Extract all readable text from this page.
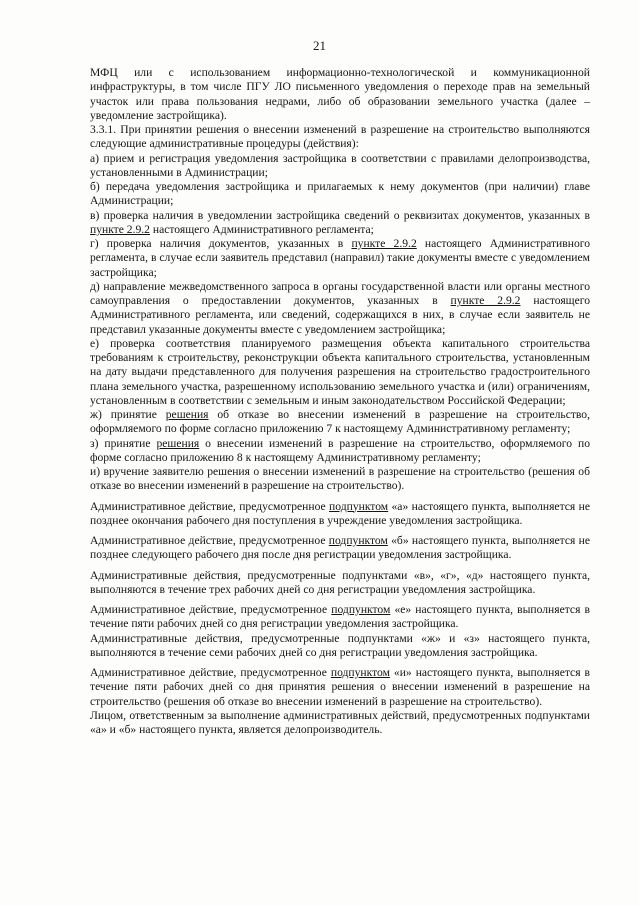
21

МФЦ или с использованием информационно-технологической и коммуникационной инфраструктуры, в том числе ПГУ ЛО письменного уведомления о переходе прав на земельный участок или права пользования недрами, либо об образовании земельного участка (далее – уведомление застройщика).

3.3.1. При принятии решения о внесении изменений в разрешение на строительство выполняются следующие административные процедуры (действия):

а) прием и регистрация уведомления застройщика в соответствии с правилами делопроизводства, установленными в Администрации;

б) передача уведомления застройщика и прилагаемых к нему документов (при наличии) главе Администрации;

в) проверка наличия в уведомлении застройщика сведений о реквизитах документов, указанных в пункте 2.9.2 настоящего Административного регламента;

г) проверка наличия документов, указанных в пункте 2.9.2 настоящего Административного регламента, в случае если заявитель представил (направил) такие документы вместе с уведомлением застройщика;

д) направление межведомственного запроса в органы государственной власти или органы местного самоуправления о предоставлении документов, указанных в пункте 2.9.2 настоящего Административного регламента, или сведений, содержащихся в них, в случае если заявитель не представил указанные документы вместе с уведомлением застройщика;

е) проверка соответствия планируемого размещения объекта капитального строительства требованиям к строительству, реконструкции объекта капитального строительства, установленным на дату выдачи представленного для получения разрешения на строительство градостроительного плана земельного участка, разрешенному использованию земельного участка и (или) ограничениям, установленным в соответствии с земельным и иным законодательством Российской Федерации;

ж) принятие решения об отказе во внесении изменений в разрешение на строительство, оформляемого по форме согласно приложению 7 к настоящему Административному регламенту;

з) принятие решения о внесении изменений в разрешение на строительство, оформляемого по форме согласно приложению 8 к настоящему Административному регламенту;

и) вручение заявителю решения о внесении изменений в разрешение на строительство (решения об отказе во внесении изменений в разрешение на строительство).

Административное действие, предусмотренное подпунктом «а» настоящего пункта, выполняется не позднее окончания рабочего дня поступления в учреждение уведомления застройщика.

Административное действие, предусмотренное подпунктом «б» настоящего пункта, выполняется не позднее следующего рабочего дня после дня регистрации уведомления застройщика.

Административные действия, предусмотренные подпунктами «в», «г», «д» настоящего пункта, выполняются в течение трех рабочих дней со дня регистрации уведомления застройщика.

Административное действие, предусмотренное подпунктом «е» настоящего пункта, выполняется в течение пяти рабочих дней со дня регистрации уведомления застройщика.

Административные действия, предусмотренные подпунктами «ж» и «з» настоящего пункта, выполняются в течение семи рабочих дней со дня регистрации уведомления застройщика.

Административное действие, предусмотренное подпунктом «и» настоящего пункта, выполняется в течение пяти рабочих дней со дня принятия решения о внесении изменений в разрешение на строительство (решения об отказе во внесении изменений в разрешение на строительство).

Лицом, ответственным за выполнение административных действий, предусмотренных подпунктами «а» и «б» настоящего пункта, является делопроизводитель.
